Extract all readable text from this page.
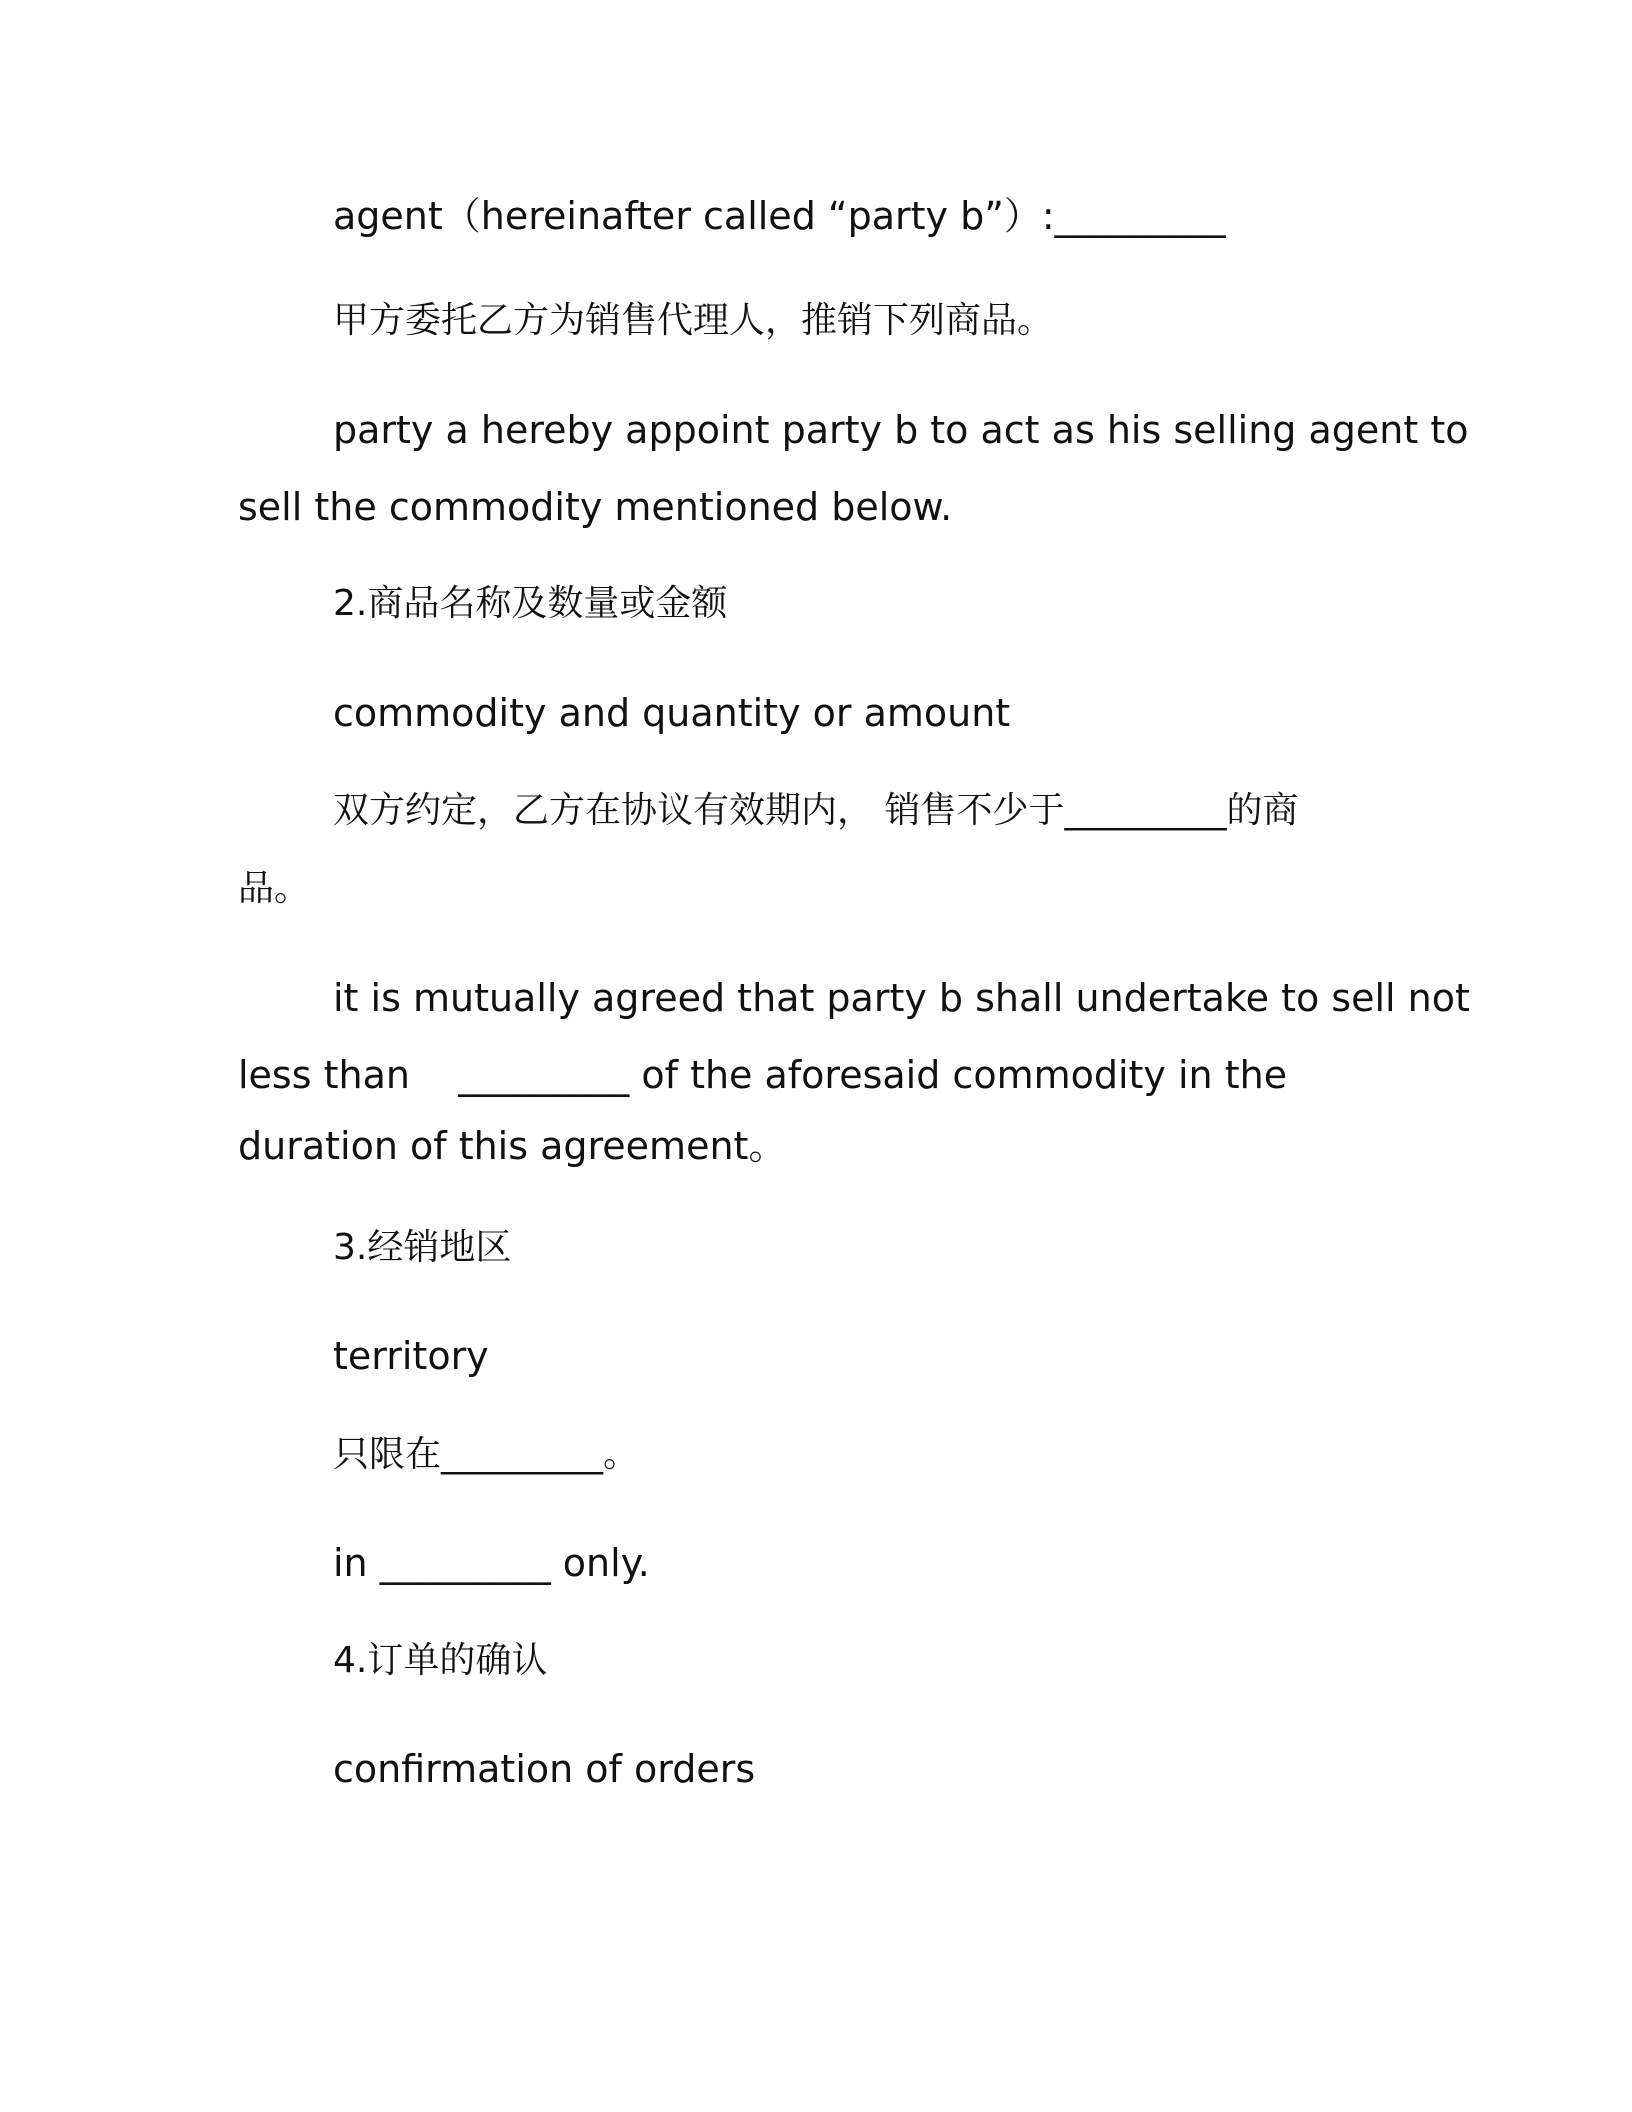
agent（hereinafter called “party b”）:_________
甲方委托乙方为销售代理人，推销下列商品。
party a hereby appoint party b to act as his selling agent to
sell the commodity mentioned below.
2.商品名称及数量或金额
commodity and quantity or amount
双方约定，乙方在协议有效期内， 销售不少于_________的商
品。
it is mutually agreed that party b shall undertake to sell not
less than    _________ of the aforesaid commodity in the
duration of this agreement。
3.经销地区
territory
只限在_________。
in _________ only.
4.订单的确认
confirmation of orders
